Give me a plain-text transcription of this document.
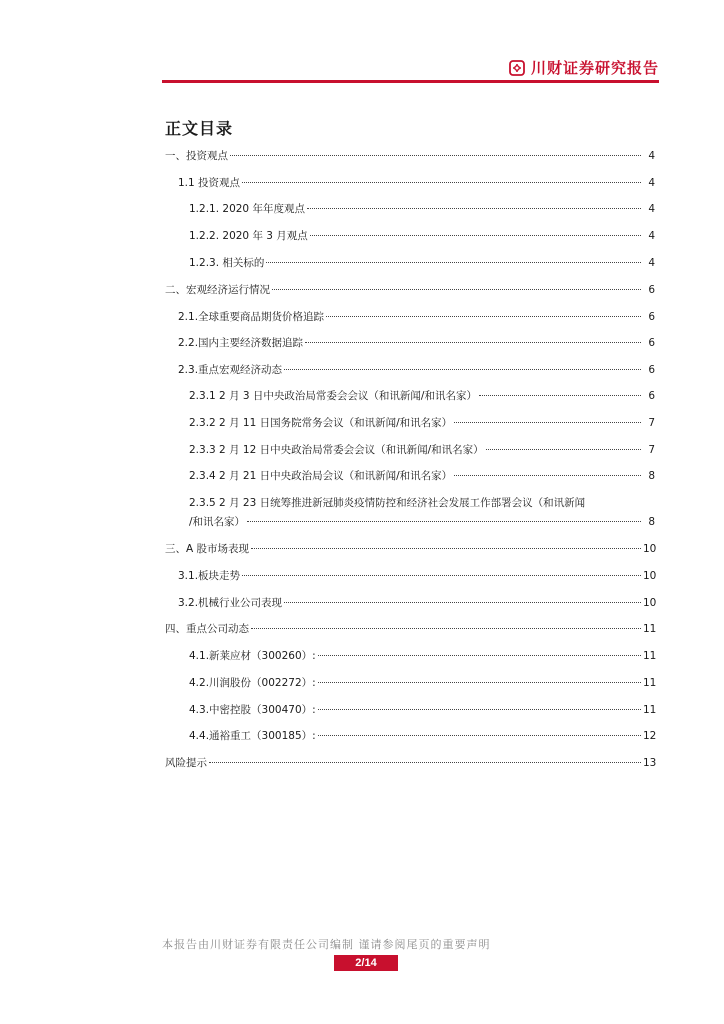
川财证券研究报告
正文目录
一、投资观点	4
1.1 投资观点	4
1.2.1. 2020 年年度观点	4
1.2.2. 2020 年 3 月观点	4
1.2.3. 相关标的	4
二、宏观经济运行情况	6
2.1.全球重要商品期货价格追踪	6
2.2.国内主要经济数据追踪	6
2.3.重点宏观经济动态	6
2.3.1 2 月 3 日中央政治局常委会会议（和讯新闻/和讯名家）	6
2.3.2 2 月 11 日国务院常务会议（和讯新闻/和讯名家）	7
2.3.3 2 月 12 日中央政治局常委会会议（和讯新闻/和讯名家）	7
2.3.4 2 月 21 日中央政治局会议（和讯新闻/和讯名家）	8
2.3.5 2 月 23 日统筹推进新冠肺炎疫情防控和经济社会发展工作部署会议（和讯新闻
/和讯名家）	8
三、A 股市场表现	10
3.1.板块走势	10
3.2.机械行业公司表现	10
四、重点公司动态	11
4.1.新莱应材（300260）:	11
4.2.川润股份（002272）:	11
4.3.中密控股（300470）:	11
4.4.通裕重工（300185）:	12
风险提示	13
本报告由川财证券有限责任公司编制 谨请参阅尾页的重要声明
2/14
